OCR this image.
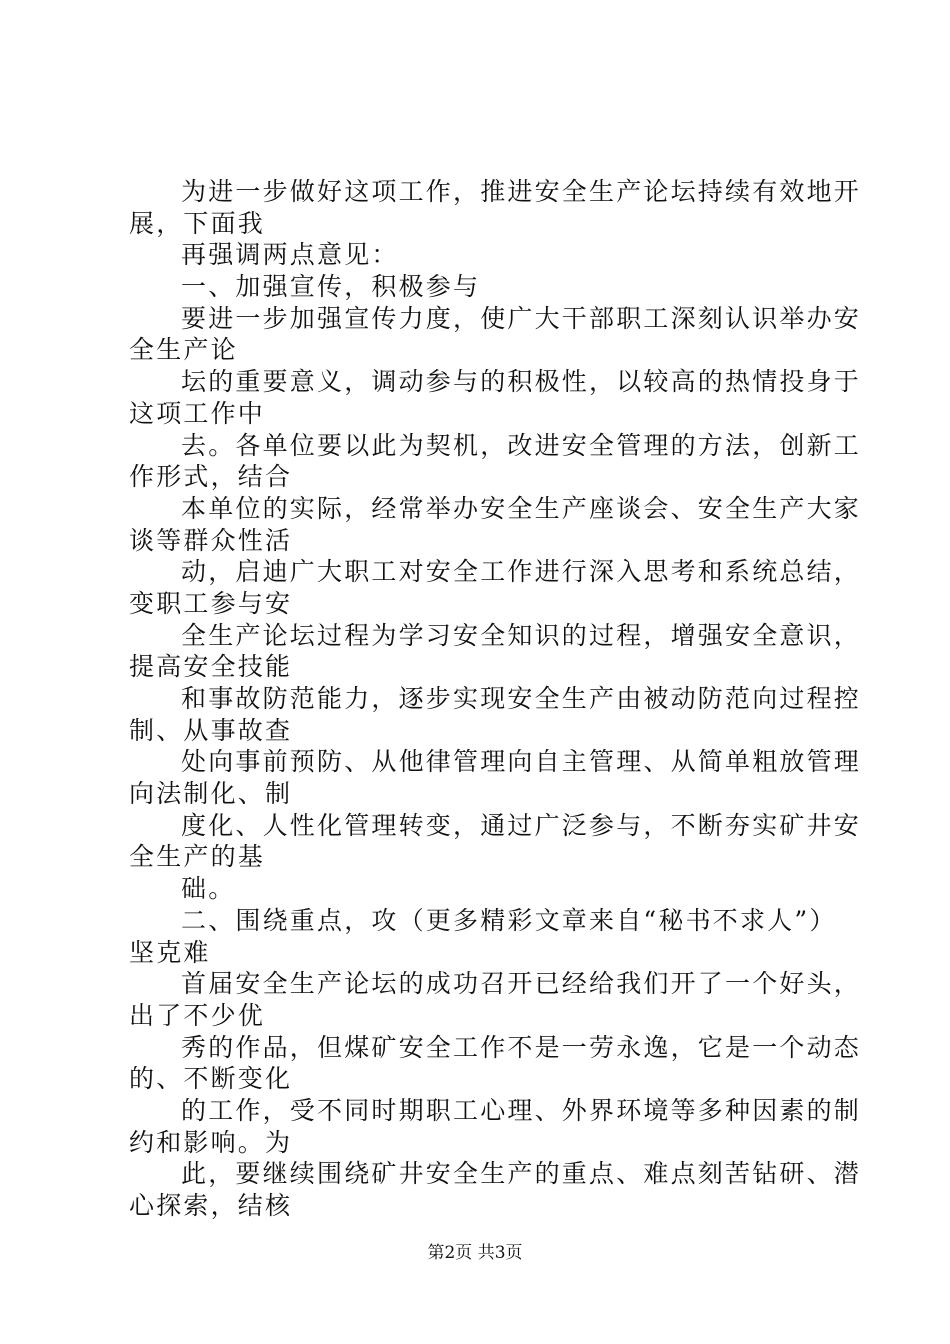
为进一步做好这项工作，推进安全生产论坛持续有效地开

展，下面我

再强调两点意见：

一、加强宣传，积极参与

要进一步加强宣传力度，使广大干部职工深刻认识举办安

全生产论

坛的重要意义，调动参与的积极性，以较高的热情投身于

这项工作中

去。各单位要以此为契机，改进安全管理的方法，创新工

作形式，结合

本单位的实际，经常举办安全生产座谈会、安全生产大家

谈等群众性活

动，启迪广大职工对安全工作进行深入思考和系统总结，

变职工参与安

全生产论坛过程为学习安全知识的过程，增强安全意识，

提高安全技能

和事故防范能力，逐步实现安全生产由被动防范向过程控

制、从事故查

处向事前预防、从他律管理向自主管理、从简单粗放管理

向法制化、制

度化、人性化管理转变，通过广泛参与，不断夯实矿井安

全生产的基

础。

二、围绕重点，攻（更多精彩文章来自“秘书不求人”）

坚克难

首届安全生产论坛的成功召开已经给我们开了一个好头，

出了不少优

秀的作品，但煤矿安全工作不是一劳永逸，它是一个动态

的、不断变化

的工作，受不同时期职工心理、外界环境等多种因素的制

约和影响。为

此，要继续围绕矿井安全生产的重点、难点刻苦钻研、潜

心探索，结核

第2页 共3页
